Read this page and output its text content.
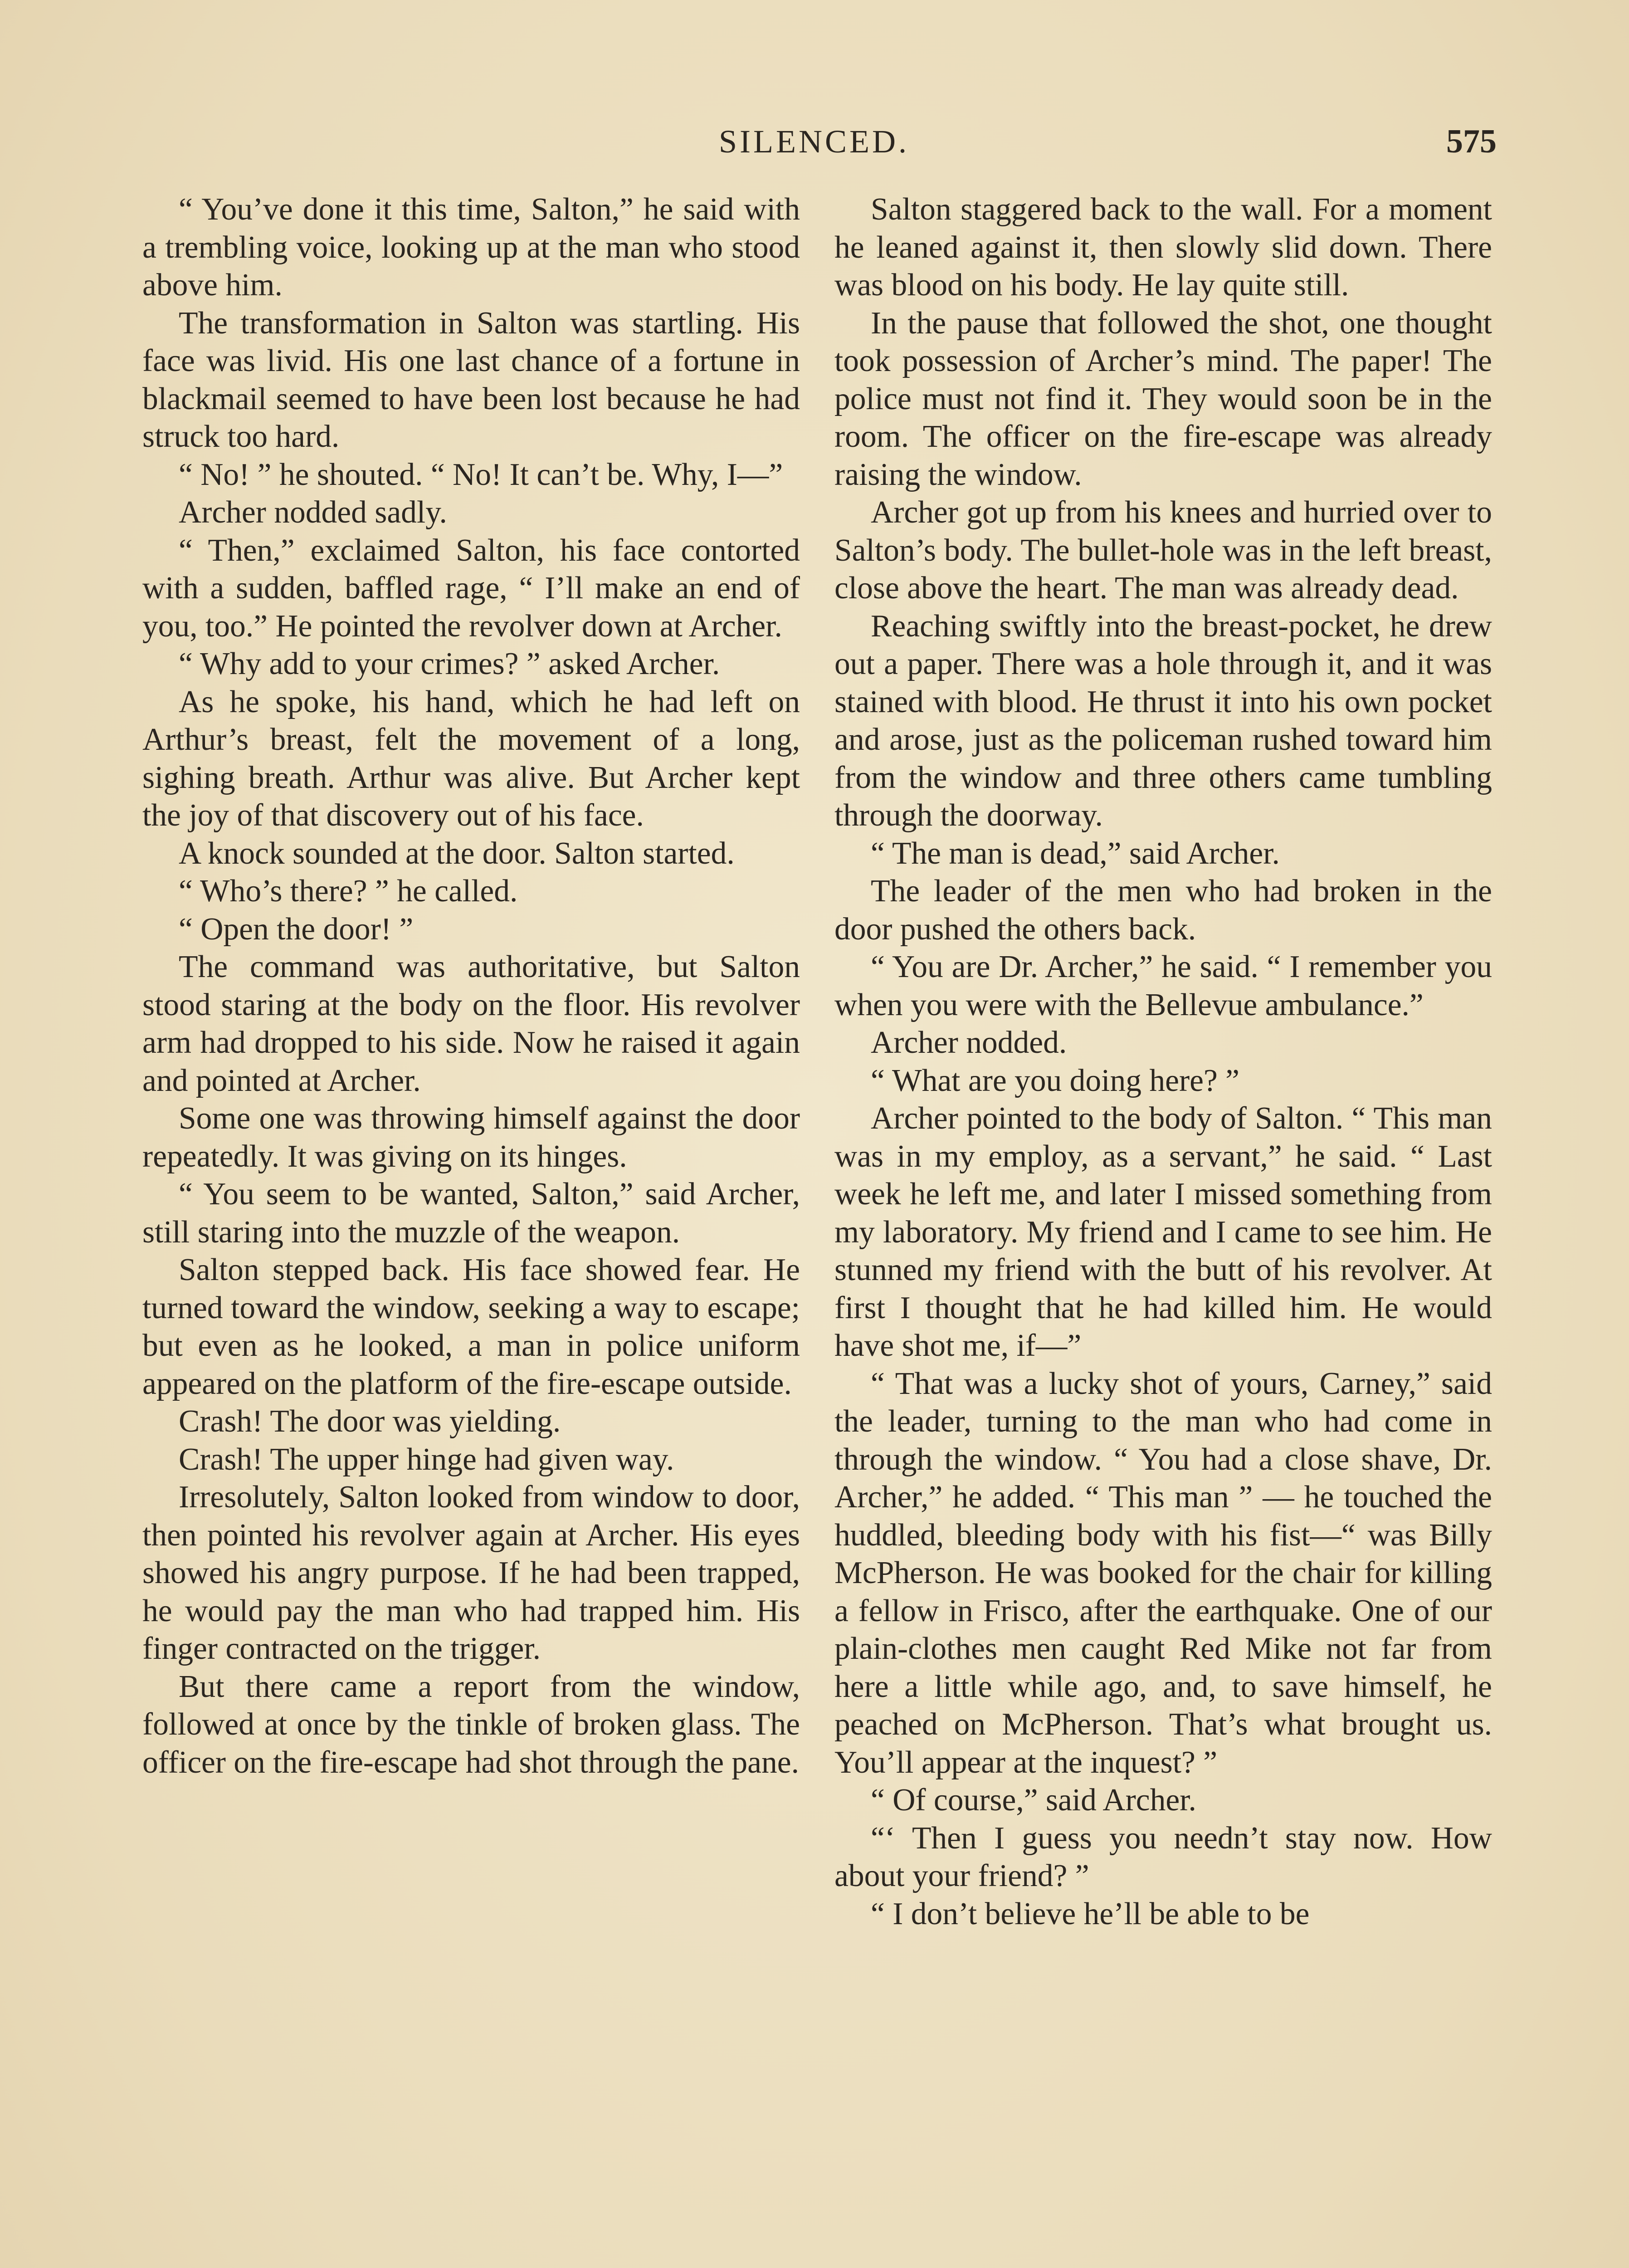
SILENCED.	575

“ You’ve done it this time, Salton,” he said with a trembling voice, looking up at the man who stood above him.

The transformation in Salton was startling. His face was livid. His one last chance of a fortune in blackmail seemed to have been lost because he had struck too hard.

“ No! ” he shouted. “ No! It can’t be. Why, I—”

Archer nodded sadly.

“ Then,” exclaimed Salton, his face contorted with a sudden, baffled rage, “ I’ll make an end of you, too.” He pointed the revolver down at Archer.

“ Why add to your crimes? ” asked Archer.

As he spoke, his hand, which he had left on Arthur’s breast, felt the movement of a long, sighing breath. Arthur was alive. But Archer kept the joy of that discovery out of his face.

A knock sounded at the door. Salton started.

“ Who’s there? ” he called.

“ Open the door! ”

The command was authoritative, but Salton stood staring at the body on the floor. His revolver arm had dropped to his side. Now he raised it again and pointed at Archer.

Some one was throwing himself against the door repeatedly. It was giving on its hinges.

“ You seem to be wanted, Salton,” said Archer, still staring into the muzzle of the weapon.

Salton stepped back. His face showed fear. He turned toward the window, seeking a way to escape; but even as he looked, a man in police uniform appeared on the platform of the fire-escape outside.

Crash! The door was yielding.

Crash! The upper hinge had given way.

Irresolutely, Salton looked from window to door, then pointed his revolver again at Archer. His eyes showed his angry purpose. If he had been trapped, he would pay the man who had trapped him. His finger contracted on the trigger.

But there came a report from the window, followed at once by the tinkle of broken glass. The officer on the fire-escape had shot through the pane.

Salton staggered back to the wall. For a moment he leaned against it, then slowly slid down. There was blood on his body. He lay quite still.

In the pause that followed the shot, one thought took possession of Archer’s mind. The paper! The police must not find it. They would soon be in the room. The officer on the fire-escape was already raising the window.

Archer got up from his knees and hurried over to Salton’s body. The bullet-hole was in the left breast, close above the heart. The man was already dead.

Reaching swiftly into the breast-pocket, he drew out a paper. There was a hole through it, and it was stained with blood. He thrust it into his own pocket and arose, just as the policeman rushed toward him from the window and three others came tumbling through the doorway.

“ The man is dead,” said Archer.

The leader of the men who had broken in the door pushed the others back.

“ You are Dr. Archer,” he said. “ I remember you when you were with the Bellevue ambulance.”

Archer nodded.

“ What are you doing here? ”

Archer pointed to the body of Salton. “ This man was in my employ, as a servant,” he said. “ Last week he left me, and later I missed something from my laboratory. My friend and I came to see him. He stunned my friend with the butt of his revolver. At first I thought that he had killed him. He would have shot me, if—”

“ That was a lucky shot of yours, Carney,” said the leader, turning to the man who had come in through the window. “ You had a close shave, Dr. Archer,” he added. “ This man ” — he touched the huddled, bleeding body with his fist—“ was Billy McPherson. He was booked for the chair for killing a fellow in Frisco, after the earthquake. One of our plain-clothes men caught Red Mike not far from here a little while ago, and, to save himself, he peached on McPherson. That’s what brought us. You’ll appear at the inquest? ”

“ Of course,” said Archer.

“‘ Then I guess you needn’t stay now. How about your friend? ”

“ I don’t believe he’ll be able to be
